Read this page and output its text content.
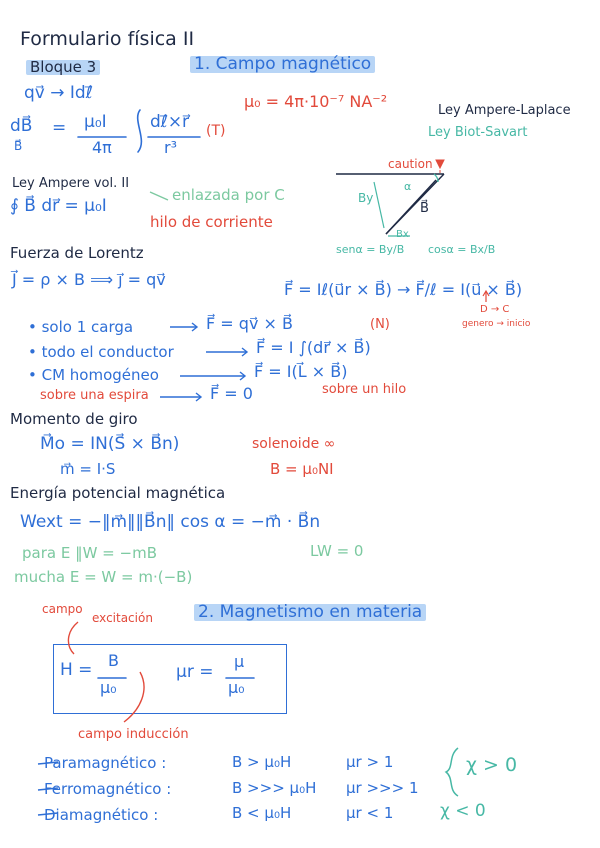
Formulario física II
Bloque 3	1. Campo magnético
qv⃗ → Idℓ⃗	μ₀ = 4π·10⁻⁷ NA⁻²
dB⃗
B⃗
= μ₀I
4π
dℓ⃗×r⃗
r³
(T)
Ley Ampere-Laplace
Ley Biot-Savart
caution
α
B⃗
By
Bx
senα = By/B cosα = Bx/B
Ley Ampere vol. II
∮ B⃗ dr⃗ = μ₀I
enlazada por C
hilo de corriente
Fuerza de Lorentz
J⃗ = ρ × B ⟹ j⃗ = qv⃗
F⃗ = Iℓ(u⃗r × B⃗) → F⃗/ℓ = I(u⃗ × B⃗)
D → C
genero → inicio
(N)
• solo 1 carga	F⃗ = qv⃗ × B⃗
• todo el conductor	F⃗ = I ∫(dr⃗ × B⃗)
• CM homogéneo	F⃗ = I(L⃗ × B⃗)
sobre una espira	F⃗ = 0	sobre un hilo
Momento de giro
M⃗o = IN(S⃗ × B⃗n)	solenoide ∞
m⃗ = I·S	B = μ₀NI
Energía potencial magnética
Wext = −‖m⃗‖‖B⃗n‖ cos α = −m⃗ · B⃗n
para E ‖W = −mB	LW = 0
mucha E = W = m·(−B)
campo
excitación	2. Magnetismo en materia
H = B
μ₀
μr =
μ
μ₀
campo inducción
Paramagnético :	B > μ₀H	μr > 1
Ferromagnético :	B >>> μ₀H μr >>> 1
Diamagnético :	B < μ₀H	μr < 1
χ > 0
χ < 0
